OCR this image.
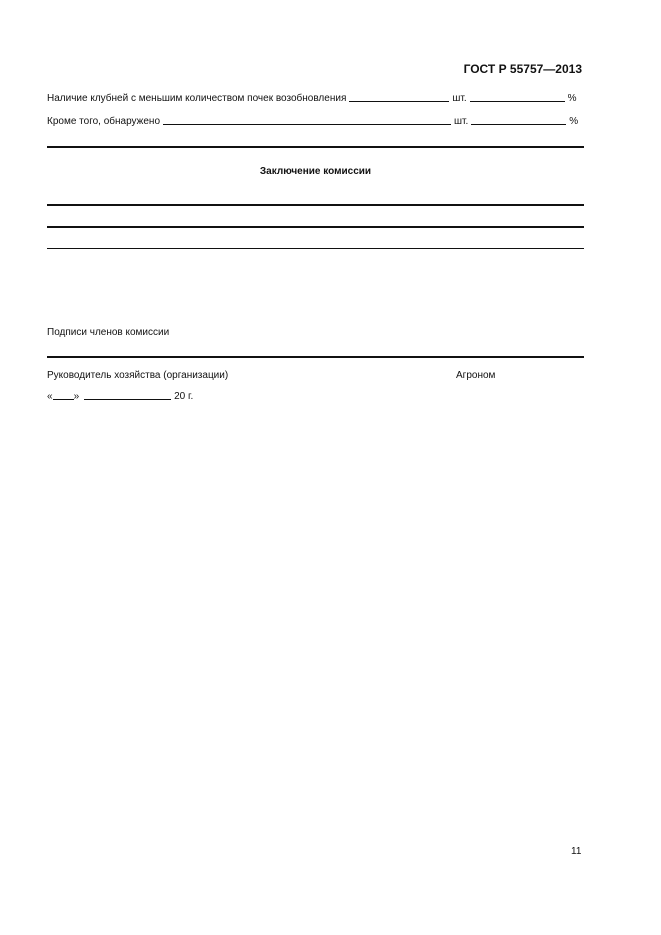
ГОСТ Р 55757—2013
Наличие клубней с меньшим количеством почек возобновления	шт.	%
Кроме того, обнаружено	шт.	%
Заключение комиссии
Подписи членов комиссии
Руководитель хозяйства (организации)	Агроном
« »	20 г.
11
